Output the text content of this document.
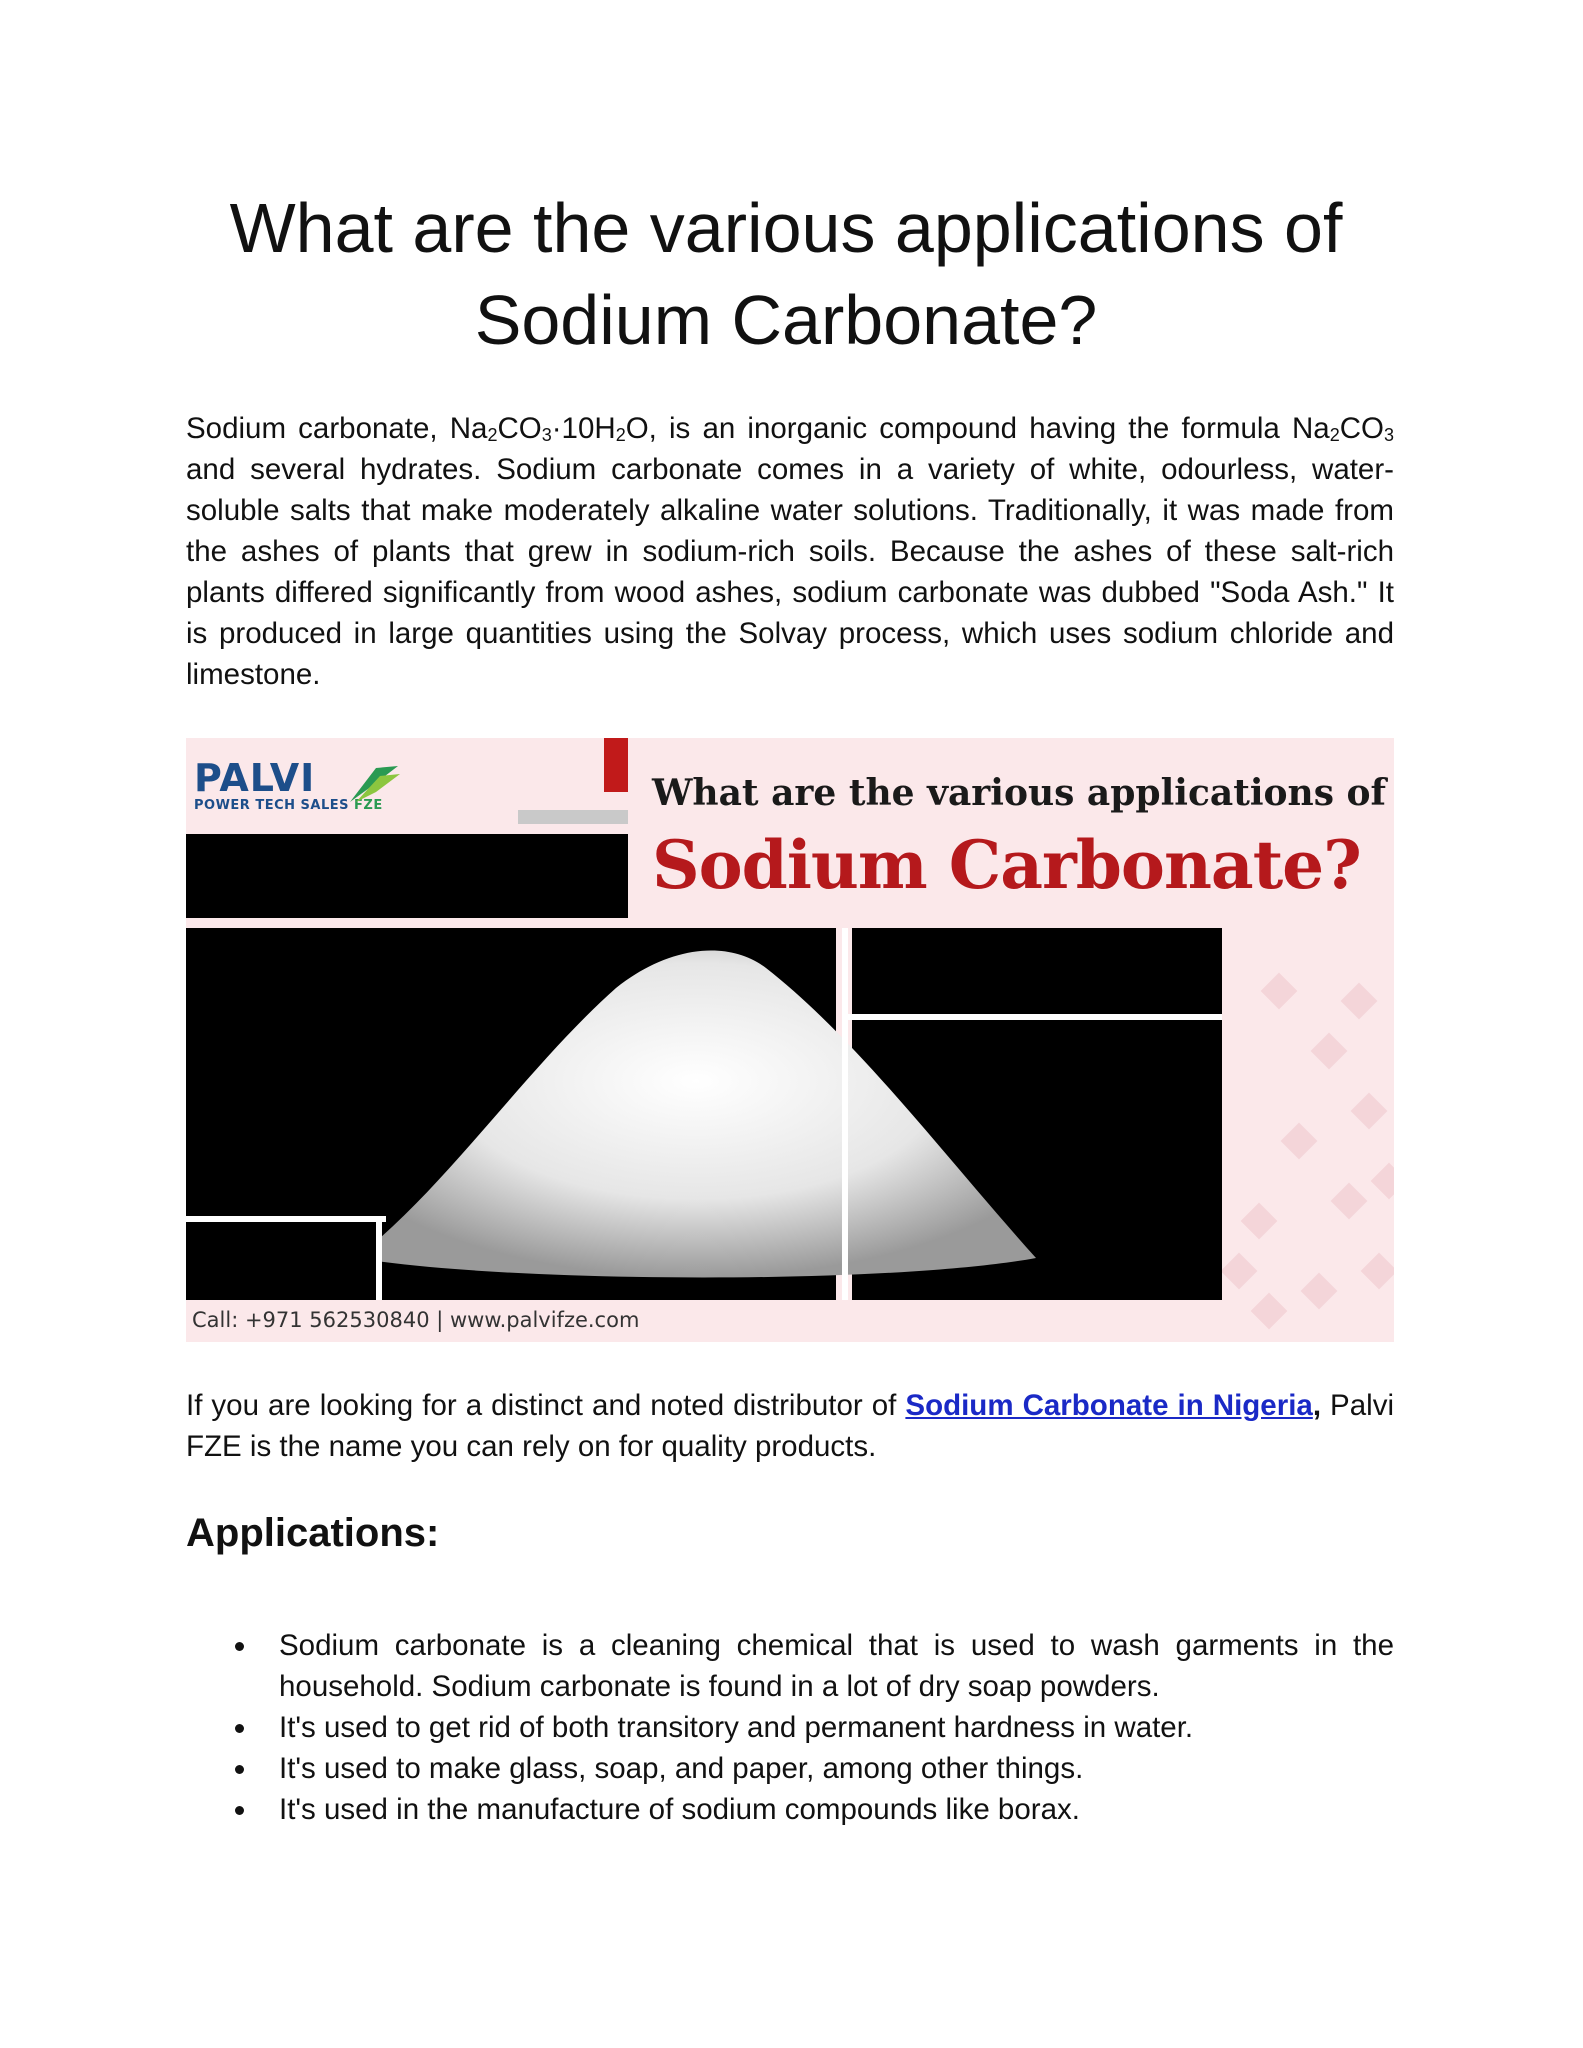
What are the various applications of
Sodium Carbonate?

Sodium carbonate, $Na_2CO_3\cdot 10H_2O$, is an inorganic compound having the formula $Na_2CO_3$ and several hydrates. Sodium carbonate comes in a variety of white, odourless, water-soluble salts that make moderately alkaline water solutions. Traditionally, it was made from the ashes of plants that grew in sodium-rich soils. Because the ashes of these salt-rich plants differed significantly from wood ashes, sodium carbonate was dubbed "Soda Ash." It is produced in large quantities using the Solvay process, which uses sodium chloride and limestone.

PALVI
POWER TECH SALES FZE	What are the various applications of
Sodium Carbonate?
Call: +971 562530840 | www.palvifze.com

If you are looking for a distinct and noted distributor of Sodium Carbonate in Nigeria, Palvi FZE is the name you can rely on for quality products.

Applications:
Sodium carbonate is a cleaning chemical that is used to wash garments in the household. Sodium carbonate is found in a lot of dry soap powders.
It's used to get rid of both transitory and permanent hardness in water.
It's used to make glass, soap, and paper, among other things.
It's used in the manufacture of sodium compounds like borax.
